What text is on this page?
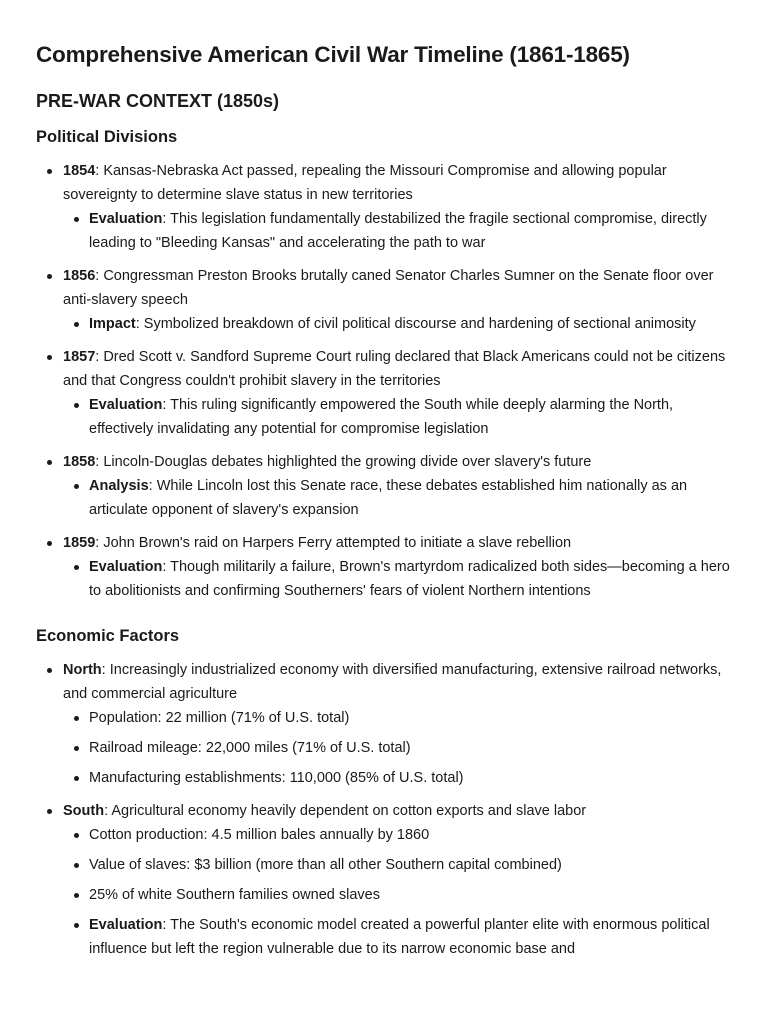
Comprehensive American Civil War Timeline (1861-1865)
PRE-WAR CONTEXT (1850s)
Political Divisions
1854: Kansas-Nebraska Act passed, repealing the Missouri Compromise and allowing popular sovereignty to determine slave status in new territories
Evaluation: This legislation fundamentally destabilized the fragile sectional compromise, directly leading to "Bleeding Kansas" and accelerating the path to war
1856: Congressman Preston Brooks brutally caned Senator Charles Sumner on the Senate floor over anti-slavery speech
Impact: Symbolized breakdown of civil political discourse and hardening of sectional animosity
1857: Dred Scott v. Sandford Supreme Court ruling declared that Black Americans could not be citizens and that Congress couldn't prohibit slavery in the territories
Evaluation: This ruling significantly empowered the South while deeply alarming the North, effectively invalidating any potential for compromise legislation
1858: Lincoln-Douglas debates highlighted the growing divide over slavery's future
Analysis: While Lincoln lost this Senate race, these debates established him nationally as an articulate opponent of slavery's expansion
1859: John Brown's raid on Harpers Ferry attempted to initiate a slave rebellion
Evaluation: Though militarily a failure, Brown's martyrdom radicalized both sides—becoming a hero to abolitionists and confirming Southerners' fears of violent Northern intentions
Economic Factors
North: Increasingly industrialized economy with diversified manufacturing, extensive railroad networks, and commercial agriculture
Population: 22 million (71% of U.S. total)
Railroad mileage: 22,000 miles (71% of U.S. total)
Manufacturing establishments: 110,000 (85% of U.S. total)
South: Agricultural economy heavily dependent on cotton exports and slave labor
Cotton production: 4.5 million bales annually by 1860
Value of slaves: $3 billion (more than all other Southern capital combined)
25% of white Southern families owned slaves
Evaluation: The South's economic model created a powerful planter elite with enormous political influence but left the region vulnerable due to its narrow economic base and
